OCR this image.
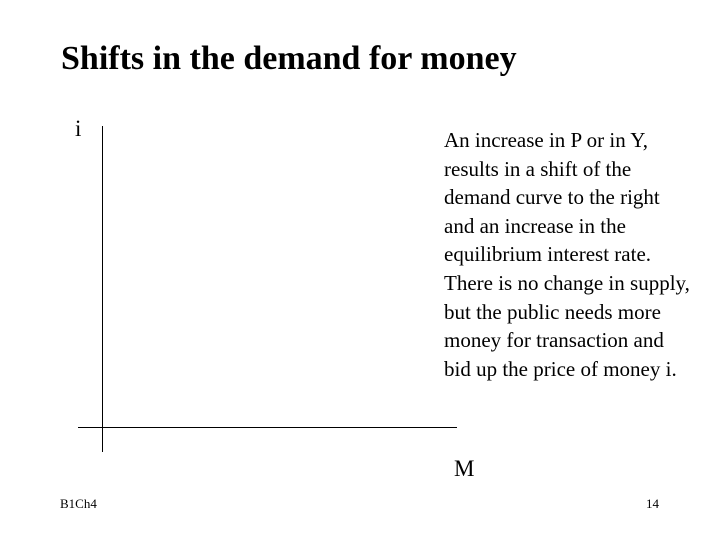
Shifts in the demand for money
i
M
An increase in P or in Y, results in a shift of the demand curve to the right and an increase in the equilibrium interest rate. There is no change in supply, but the public needs more money for transaction and bid up the price of money i.
B1Ch4	14
